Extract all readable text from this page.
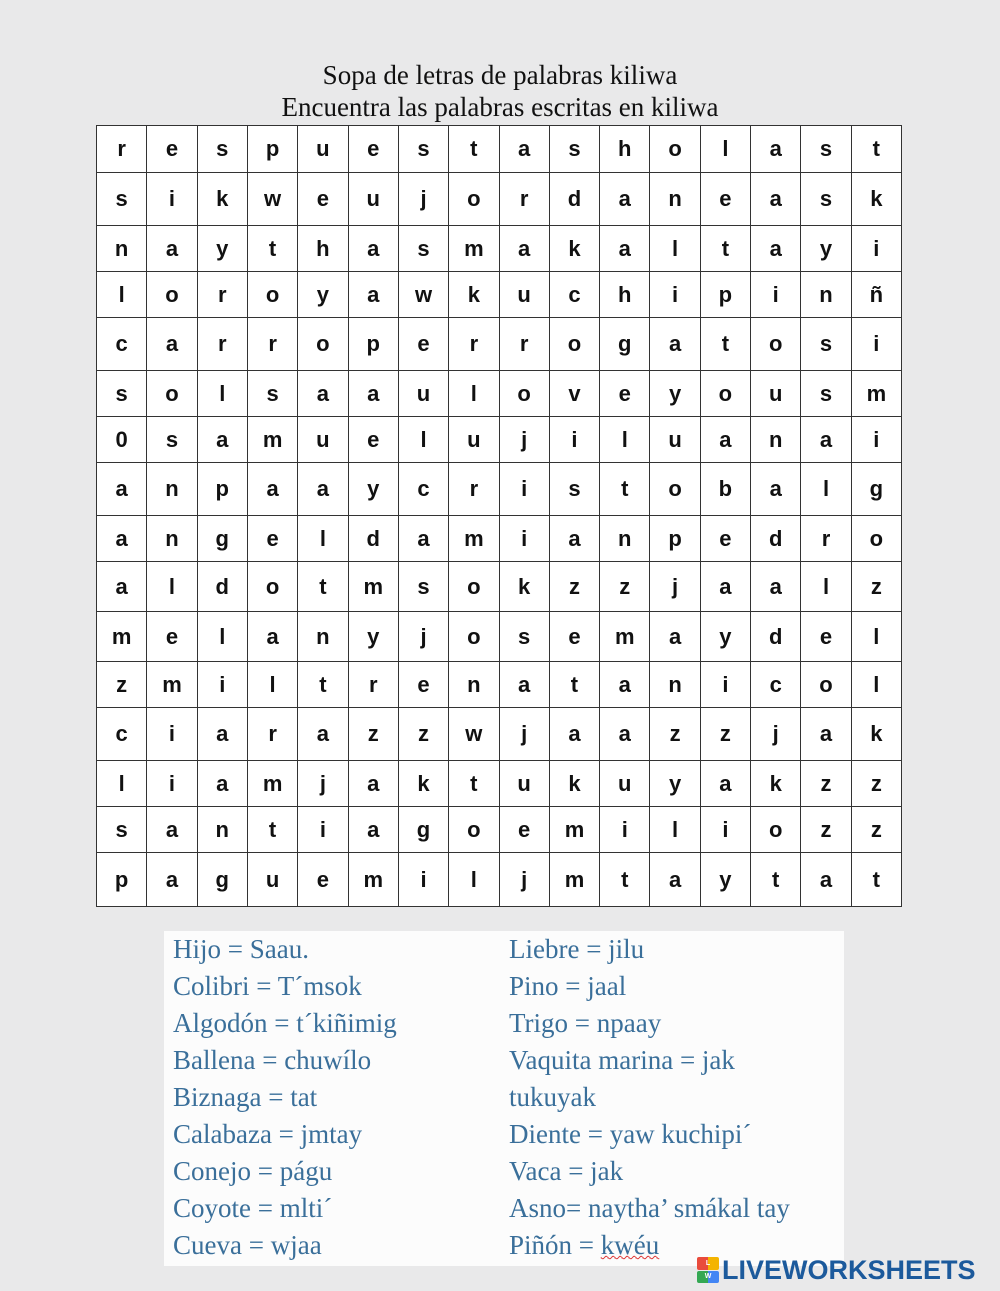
Sopa de letras de palabras kiliwa
Encuentra las palabras escritas en kiliwa
r	e	s	p	u	e	s	t	a	s	h	o	l	a	s	t
s	i	k	w	e	u	j	o	r	d	a	n	e	a	s	k
n	a	y	t	h	a	s	m	a	k	a	l	t	a	y	i
l	o	r	o	y	a	w	k	u	c	h	i	p	i	n	ñ
c	a	r	r	o	p	e	r	r	o	g	a	t	o	s	i
s	o	l	s	a	a	u	l	o	v	e	y	o	u	s	m
0	s	a	m	u	e	l	u	j	i	l	u	a	n	a	i
a	n	p	a	a	y	c	r	i	s	t	o	b	a	l	g
a	n	g	e	l	d	a	m	i	a	n	p	e	d	r	o
a	l	d	o	t	m	s	o	k	z	z	j	a	a	l	z
m	e	l	a	n	y	j	o	s	e	m	a	y	d	e	l
z	m	i	l	t	r	e	n	a	t	a	n	i	c	o	l
c	i	a	r	a	z	z	w	j	a	a	z	z	j	a	k
l	i	a	m	j	a	k	t	u	k	u	y	a	k	z	z
s	a	n	t	i	a	g	o	e	m	i	l	i	o	z	z
p	a	g	u	e	m	i	l	j	m	t	a	y	t	a	t
Hijo = Saau.
Colibri = T´msok
Algodón = t´kiñimig
Ballena = chuwílo
Biznaga = tat
Calabaza = jmtay
Conejo = págu
Coyote = mlti´
Cueva = wjaa
Liebre = jilu
Pino = jaal
Trigo = npaay
Vaquita marina = jak
tukuyak
Diente = yaw kuchipi´
Vaca = jak
Asno= naytha’ smákal tay
Piñón = kwéu
L
W LIVEWORKSHEETS
